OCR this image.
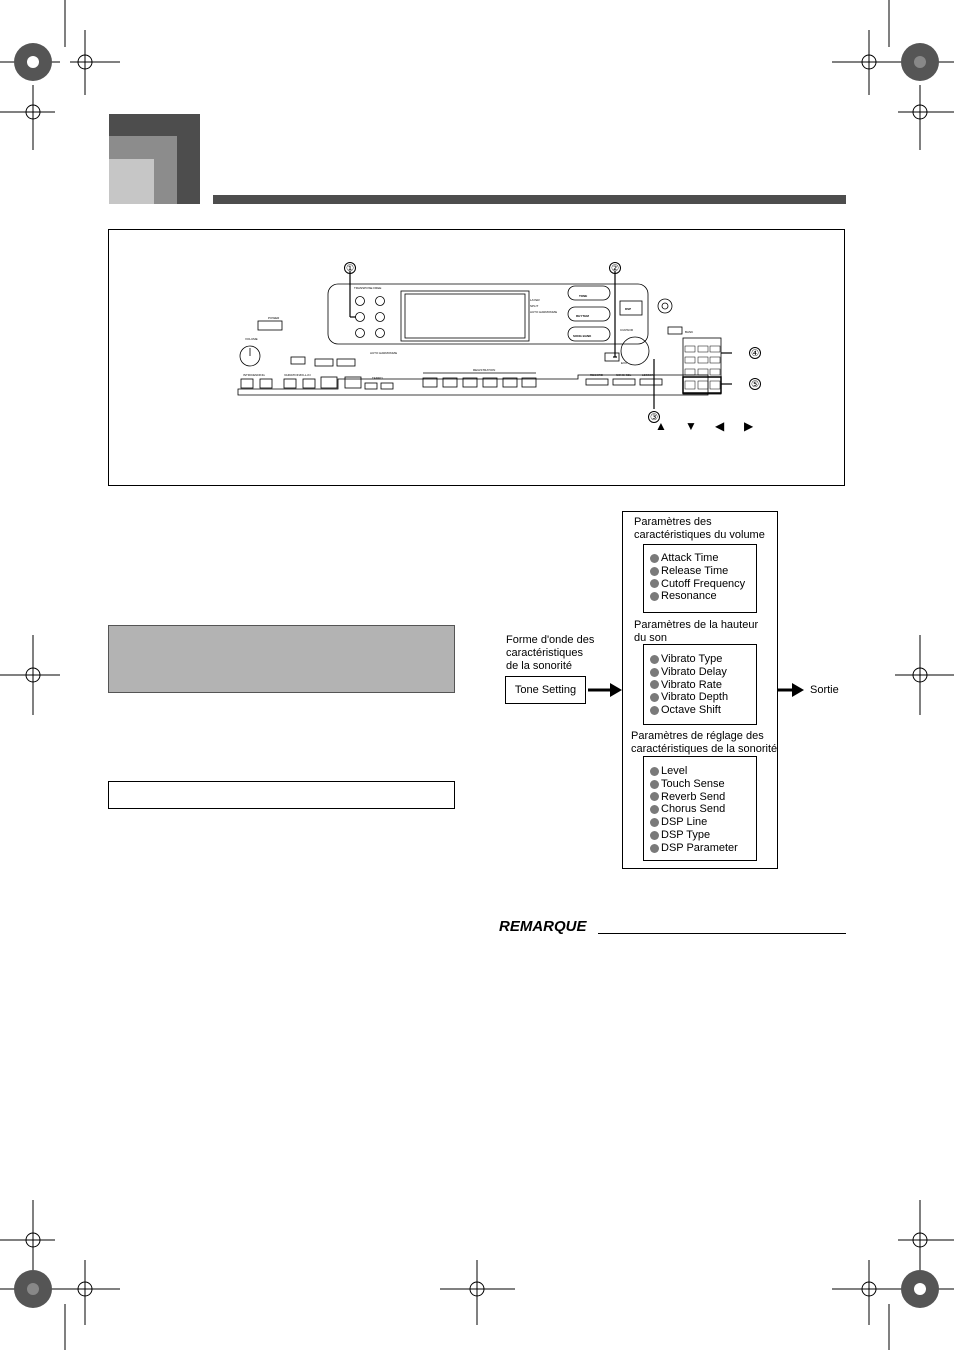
POWER
VOLUME
TRANSPOSE FREE
REGISTRATION
INTRO/ENDING	VARIATION/FILL-IN
TEMPO
TONE
RHYTHM
SONG BANK
DSP
EXIT
CURSOR	BANK
RECORD	SONG SEL	LESSON
AUTO HARMONIZE
LAYER
SPLIT
AUTO HARMONIZE
①	②
③
④
⑤
▲ ▼ ◀ ▶
Forme d'onde des
caractéristiques
de la sonorité
Tone Setting	Sortie
Paramètres des
caractéristiques du volume
Attack Time
Release Time
Cutoff Frequency
Resonance
Paramètres de la hauteur
du son
Vibrato Type
Vibrato Delay
Vibrato Rate
Vibrato Depth
Octave Shift
Paramètres de réglage des
caractéristiques de la sonorité
Level
Touch Sense
Reverb Send
Chorus Send
DSP Line
DSP Type
DSP Parameter
REMARQUE
